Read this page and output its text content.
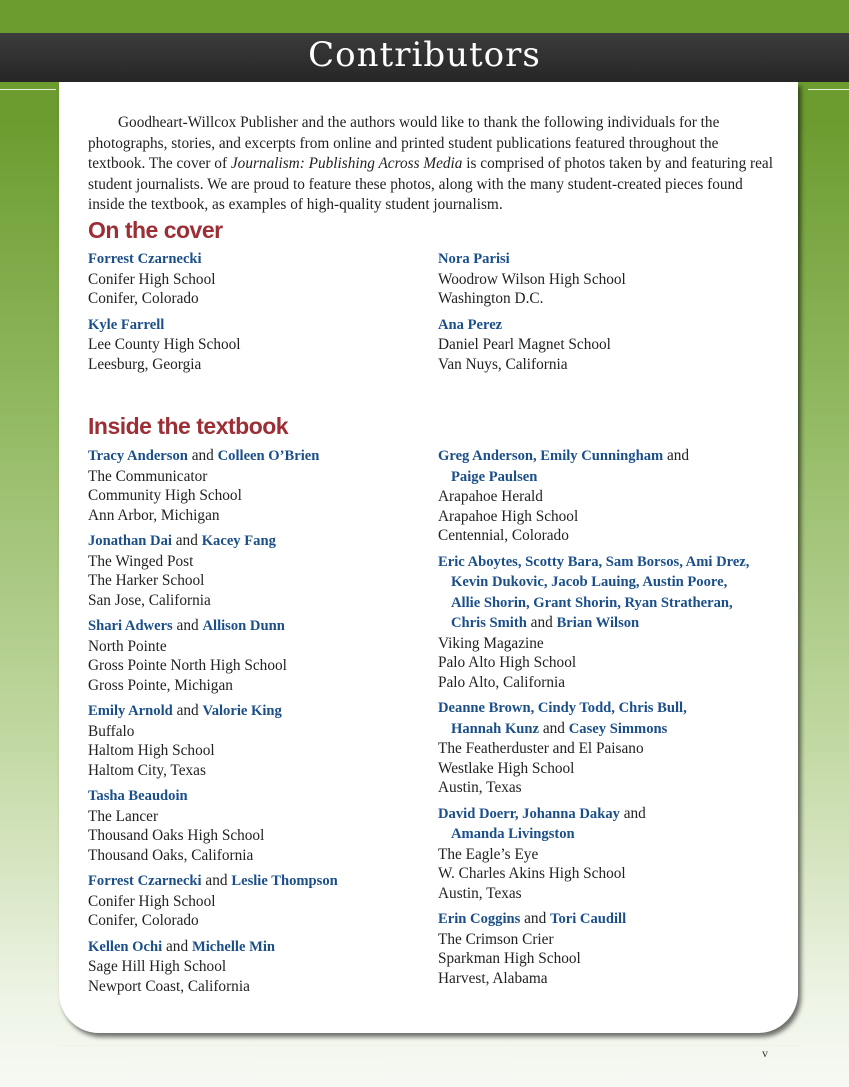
Contributors

Goodheart-Willcox Publisher and the authors would like to thank the following individuals for the photographs, stories, and excerpts from online and printed student publications featured throughout the textbook. The cover of Journalism: Publishing Across Media is comprised of photos taken by and featuring real student journalists. We are proud to feature these photos, along with the many student-created pieces found inside the textbook, as examples of high-quality student journalism.

On the cover
Forrest Czarnecki
Conifer High School
Conifer, Colorado
Kyle Farrell
Lee County High School
Leesburg, Georgia
Nora Parisi
Woodrow Wilson High School
Washington D.C.
Ana Perez
Daniel Pearl Magnet School
Van Nuys, California
Inside the textbook
Tracy Anderson and Colleen O’Brien
The Communicator
Community High School
Ann Arbor, Michigan
Jonathan Dai and Kacey Fang
The Winged Post
The Harker School
San Jose, California
Shari Adwers and Allison Dunn
North Pointe
Gross Pointe North High School
Gross Pointe, Michigan
Emily Arnold and Valorie King
Buffalo
Haltom High School
Haltom City, Texas
Tasha Beaudoin
The Lancer
Thousand Oaks High School
Thousand Oaks, California
Forrest Czarnecki and Leslie Thompson
Conifer High School
Conifer, Colorado
Kellen Ochi and Michelle Min
Sage Hill High School
Newport Coast, California
Greg Anderson, Emily Cunningham and
Paige Paulsen
Arapahoe Herald
Arapahoe High School
Centennial, Colorado
Eric Aboytes, Scotty Bara, Sam Borsos, Ami Drez,
Kevin Dukovic, Jacob Lauing, Austin Poore,
Allie Shorin, Grant Shorin, Ryan Stratheran,
Chris Smith and Brian Wilson
Viking Magazine
Palo Alto High School
Palo Alto, California
Deanne Brown, Cindy Todd, Chris Bull,
Hannah Kunz and Casey Simmons
The Featherduster and El Paisano
Westlake High School
Austin, Texas
David Doerr, Johanna Dakay and
Amanda Livingston
The Eagle’s Eye
W. Charles Akins High School
Austin, Texas
Erin Coggins and Tori Caudill
The Crimson Crier
Sparkman High School
Harvest, Alabama
v
